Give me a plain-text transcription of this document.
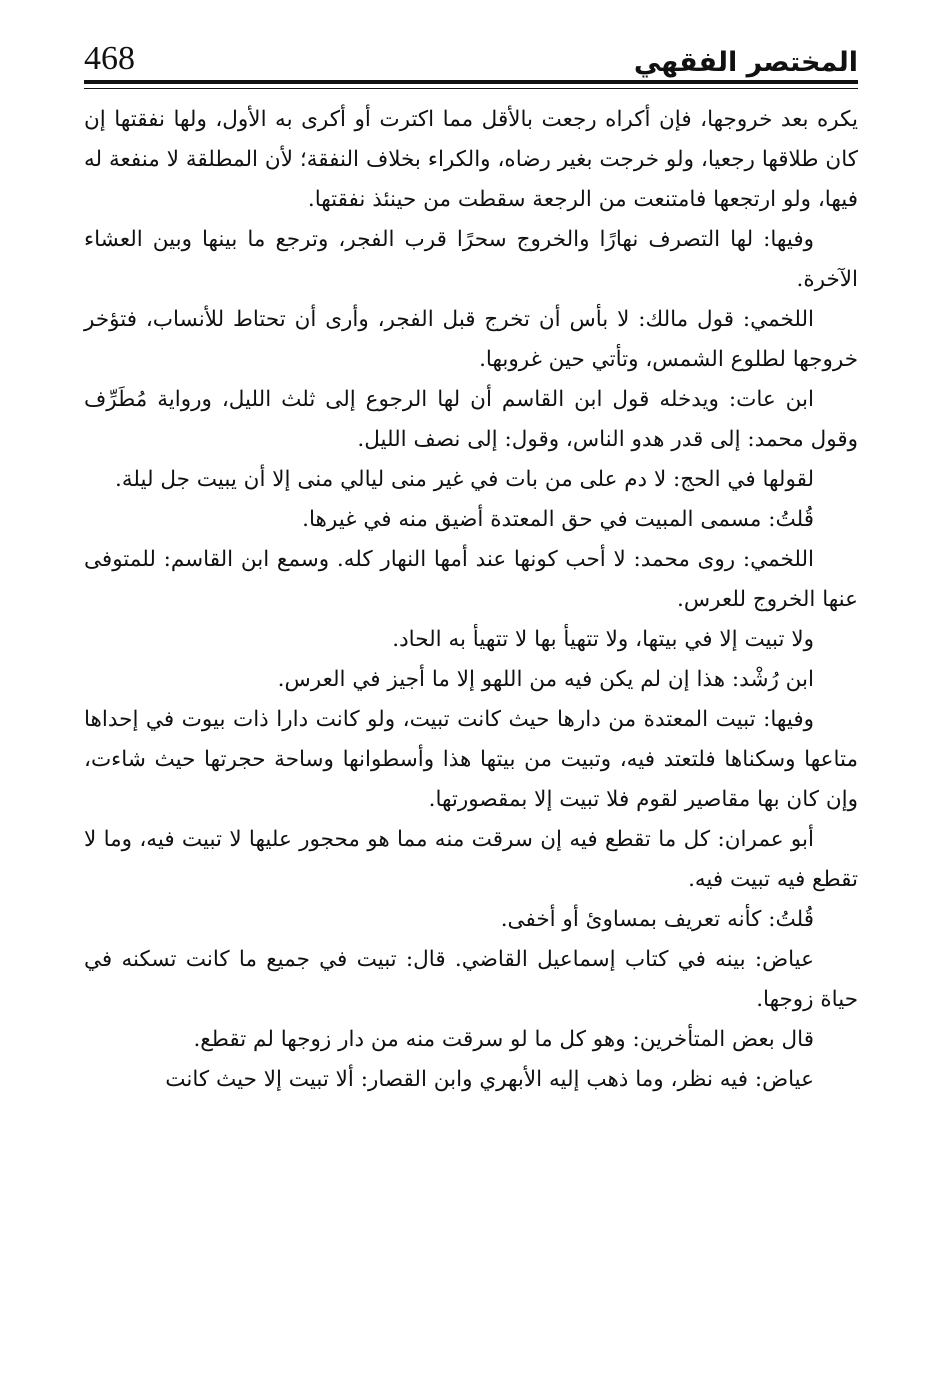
468	المختصر الفقهي

يكره بعد خروجها، فإن أكراه رجعت بالأقل مما اكترت أو أكرى به الأول، ولها نفقتها إن كان طلاقها رجعيا، ولو خرجت بغير رضاه، والكراء بخلاف النفقة؛ لأن المطلقة لا منفعة له فيها، ولو ارتجعها فامتنعت من الرجعة سقطت من حينئذ نفقتها.

وفيها: لها التصرف نهارًا والخروج سحرًا قرب الفجر، وترجع ما بينها وبين العشاء الآخرة.

اللخمي: قول مالك: لا بأس أن تخرج قبل الفجر، وأرى أن تحتاط للأنساب، فتؤخر خروجها لطلوع الشمس، وتأتي حين غروبها.

ابن عات: ويدخله قول ابن القاسم أن لها الرجوع إلى ثلث الليل، ورواية مُطَرِّف وقول محمد: إلى قدر هدو الناس، وقول: إلى نصف الليل.

لقولها في الحج: لا دم على من بات في غير منى ليالي منى إلا أن يبيت جل ليلة.

قُلتُ: مسمى المبيت في حق المعتدة أضيق منه في غيرها.

اللخمي: روى محمد: لا أحب كونها عند أمها النهار كله. وسمع ابن القاسم: للمتوفى عنها الخروج للعرس.

ولا تبيت إلا في بيتها، ولا تتهيأ بها لا تتهيأ به الحاد.

ابن رُشْد: هذا إن لم يكن فيه من اللهو إلا ما أجيز في العرس.

وفيها: تبيت المعتدة من دارها حيث كانت تبيت، ولو كانت دارا ذات بيوت في إحداها متاعها وسكناها فلتعتد فيه، وتبيت من بيتها هذا وأسطوانها وساحة حجرتها حيث شاءت، وإن كان بها مقاصير لقوم فلا تبيت إلا بمقصورتها.

أبو عمران: كل ما تقطع فيه إن سرقت منه مما هو محجور عليها لا تبيت فيه، وما لا تقطع فيه تبيت فيه.

قُلتُ: كأنه تعريف بمساوئ أو أخفى.

عياض: بينه في كتاب إسماعيل القاضي. قال: تبيت في جميع ما كانت تسكنه في حياة زوجها.

قال بعض المتأخرين: وهو كل ما لو سرقت منه من دار زوجها لم تقطع.

عياض: فيه نظر، وما ذهب إليه الأبهري وابن القصار: ألا تبيت إلا حيث كانت
